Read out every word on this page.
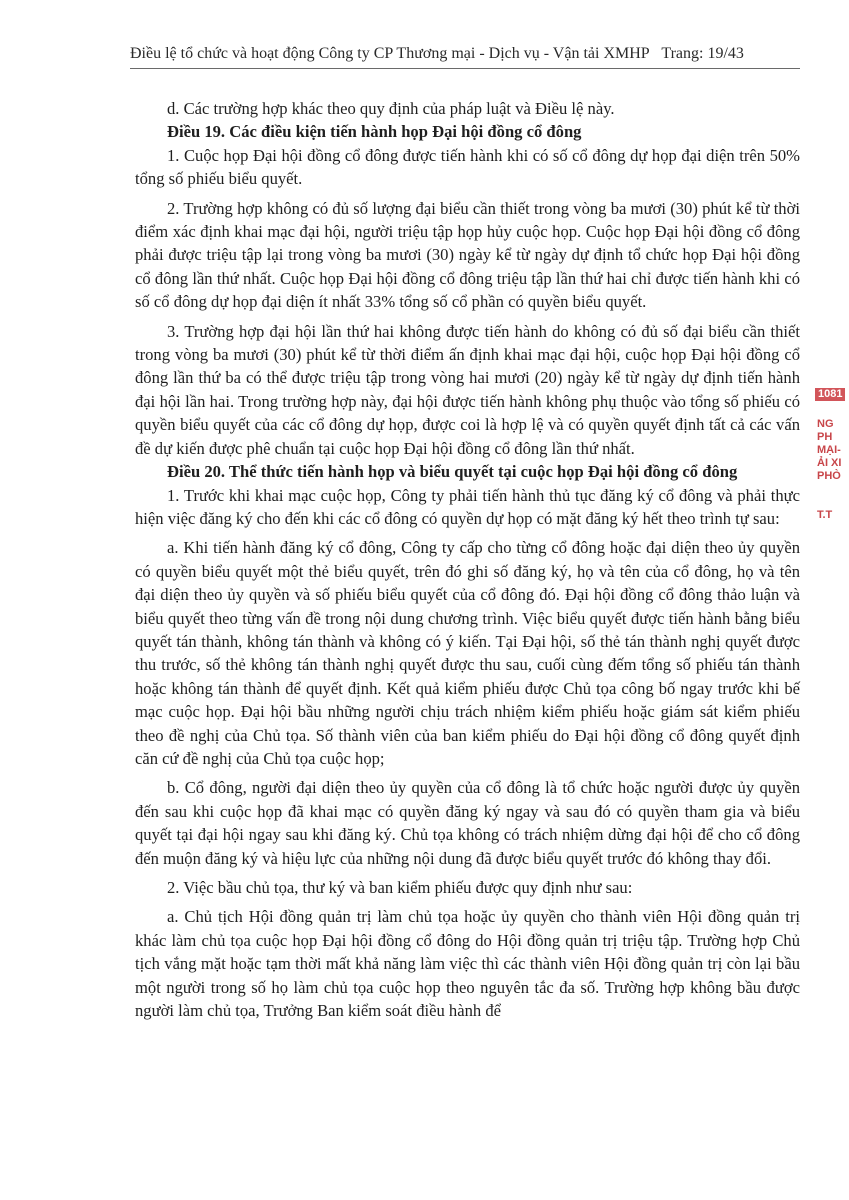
Điều lệ tổ chức và hoạt động Công ty CP Thương mại - Dịch vụ - Vận tải XMHP Trang: 19/43

d. Các trường hợp khác theo quy định của pháp luật và Điều lệ này.

Điều 19. Các điều kiện tiến hành họp Đại hội đồng cổ đông

1. Cuộc họp Đại hội đồng cổ đông được tiến hành khi có số cổ đông dự họp đại diện trên 50% tổng số phiếu biểu quyết.

2. Trường hợp không có đủ số lượng đại biểu cần thiết trong vòng ba mươi (30) phút kể từ thời điểm xác định khai mạc đại hội, người triệu tập họp hủy cuộc họp. Cuộc họp Đại hội đồng cổ đông phải được triệu tập lại trong vòng ba mươi (30) ngày kể từ ngày dự định tổ chức họp Đại hội đồng cổ đông lần thứ nhất. Cuộc họp Đại hội đồng cổ đông triệu tập lần thứ hai chỉ được tiến hành khi có số cổ đông dự họp đại diện ít nhất 33% tổng số cổ phần có quyền biểu quyết.

3. Trường hợp đại hội lần thứ hai không được tiến hành do không có đủ số đại biểu cần thiết trong vòng ba mươi (30) phút kể từ thời điểm ấn định khai mạc đại hội, cuộc họp Đại hội đồng cổ đông lần thứ ba có thể được triệu tập trong vòng hai mươi (20) ngày kể từ ngày dự định tiến hành đại hội lần hai. Trong trường hợp này, đại hội được tiến hành không phụ thuộc vào tổng số phiếu có quyền biểu quyết của các cổ đông dự họp, được coi là hợp lệ và có quyền quyết định tất cả các vấn đề dự kiến được phê chuẩn tại cuộc họp Đại hội đồng cổ đông lần thứ nhất.

Điều 20. Thể thức tiến hành họp và biểu quyết tại cuộc họp Đại hội đồng cổ đông

1. Trước khi khai mạc cuộc họp, Công ty phải tiến hành thủ tục đăng ký cổ đông và phải thực hiện việc đăng ký cho đến khi các cổ đông có quyền dự họp có mặt đăng ký hết theo trình tự sau:

a. Khi tiến hành đăng ký cổ đông, Công ty cấp cho từng cổ đông hoặc đại diện theo ủy quyền có quyền biểu quyết một thẻ biểu quyết, trên đó ghi số đăng ký, họ và tên của cổ đông, họ và tên đại diện theo ủy quyền và số phiếu biểu quyết của cổ đông đó. Đại hội đồng cổ đông thảo luận và biểu quyết theo từng vấn đề trong nội dung chương trình. Việc biểu quyết được tiến hành bằng biểu quyết tán thành, không tán thành và không có ý kiến. Tại Đại hội, số thẻ tán thành nghị quyết được thu trước, số thẻ không tán thành nghị quyết được thu sau, cuối cùng đếm tổng số phiếu tán thành hoặc không tán thành để quyết định. Kết quả kiểm phiếu được Chủ tọa công bố ngay trước khi bế mạc cuộc họp. Đại hội bầu những người chịu trách nhiệm kiểm phiếu hoặc giám sát kiểm phiếu theo đề nghị của Chủ tọa. Số thành viên của ban kiểm phiếu do Đại hội đồng cổ đông quyết định căn cứ đề nghị của Chủ tọa cuộc họp;

b. Cổ đông, người đại diện theo ủy quyền của cổ đông là tổ chức hoặc người được ủy quyền đến sau khi cuộc họp đã khai mạc có quyền đăng ký ngay và sau đó có quyền tham gia và biểu quyết tại đại hội ngay sau khi đăng ký. Chủ tọa không có trách nhiệm dừng đại hội để cho cổ đông đến muộn đăng ký và hiệu lực của những nội dung đã được biểu quyết trước đó không thay đổi.

2. Việc bầu chủ tọa, thư ký và ban kiểm phiếu được quy định như sau:

a. Chủ tịch Hội đồng quản trị làm chủ tọa hoặc ủy quyền cho thành viên Hội đồng quản trị khác làm chủ tọa cuộc họp Đại hội đồng cổ đông do Hội đồng quản trị triệu tập. Trường hợp Chủ tịch vắng mặt hoặc tạm thời mất khả năng làm việc thì các thành viên Hội đồng quản trị còn lại bầu một người trong số họ làm chủ tọa cuộc họp theo nguyên tắc đa số. Trường hợp không bầu được người làm chủ tọa, Trưởng Ban kiểm soát điều hành để

1081
NG
PH
MẠI-
ẢI XI
PHÒ
T.T
